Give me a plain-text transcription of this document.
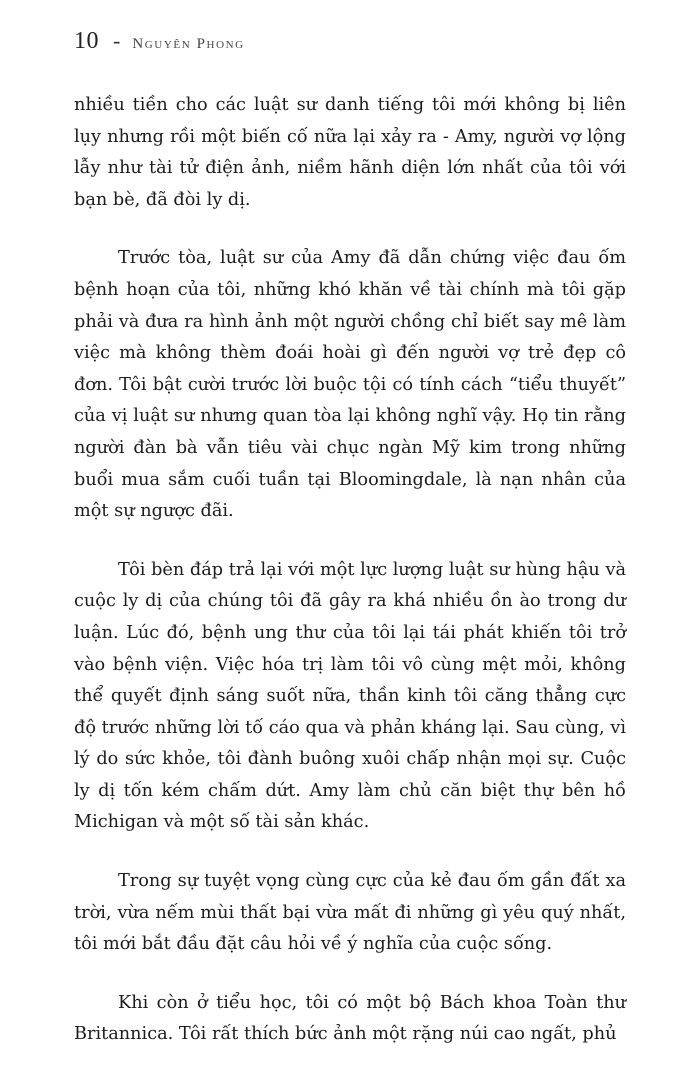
10 - Nguyên Phong

nhiều tiền cho các luật sư danh tiếng tôi mới không bị liên lụy nhưng rồi một biến cố nữa lại xảy ra - Amy, người vợ lộng lẫy như tài tử điện ảnh, niềm hãnh diện lớn nhất của tôi với bạn bè, đã đòi ly dị.

Trước tòa, luật sư của Amy đã dẫn chứng việc đau ốm bệnh hoạn của tôi, những khó khăn về tài chính mà tôi gặp phải và đưa ra hình ảnh một người chồng chỉ biết say mê làm việc mà không thèm đoái hoài gì đến người vợ trẻ đẹp cô đơn. Tôi bật cười trước lời buộc tội có tính cách “tiểu thuyết” của vị luật sư nhưng quan tòa lại không nghĩ vậy. Họ tin rằng người đàn bà vẫn tiêu vài chục ngàn Mỹ kim trong những buổi mua sắm cuối tuần tại Bloomingdale, là nạn nhân của một sự ngược đãi.

Tôi bèn đáp trả lại với một lực lượng luật sư hùng hậu và cuộc ly dị của chúng tôi đã gây ra khá nhiều ồn ào trong dư luận. Lúc đó, bệnh ung thư của tôi lại tái phát khiến tôi trở vào bệnh viện. Việc hóa trị làm tôi vô cùng mệt mỏi, không thể quyết định sáng suốt nữa, thần kinh tôi căng thẳng cực độ trước những lời tố cáo qua và phản kháng lại. Sau cùng, vì lý do sức khỏe, tôi đành buông xuôi chấp nhận mọi sự. Cuộc ly dị tốn kém chấm dứt. Amy làm chủ căn biệt thự bên hồ Michigan và một số tài sản khác.

Trong sự tuyệt vọng cùng cực của kẻ đau ốm gần đất xa trời, vừa nếm mùi thất bại vừa mất đi những gì yêu quý nhất, tôi mới bắt đầu đặt câu hỏi về ý nghĩa của cuộc sống.

Khi còn ở tiểu học, tôi có một bộ Bách khoa Toàn thư Britannica. Tôi rất thích bức ảnh một rặng núi cao ngất, phủ
